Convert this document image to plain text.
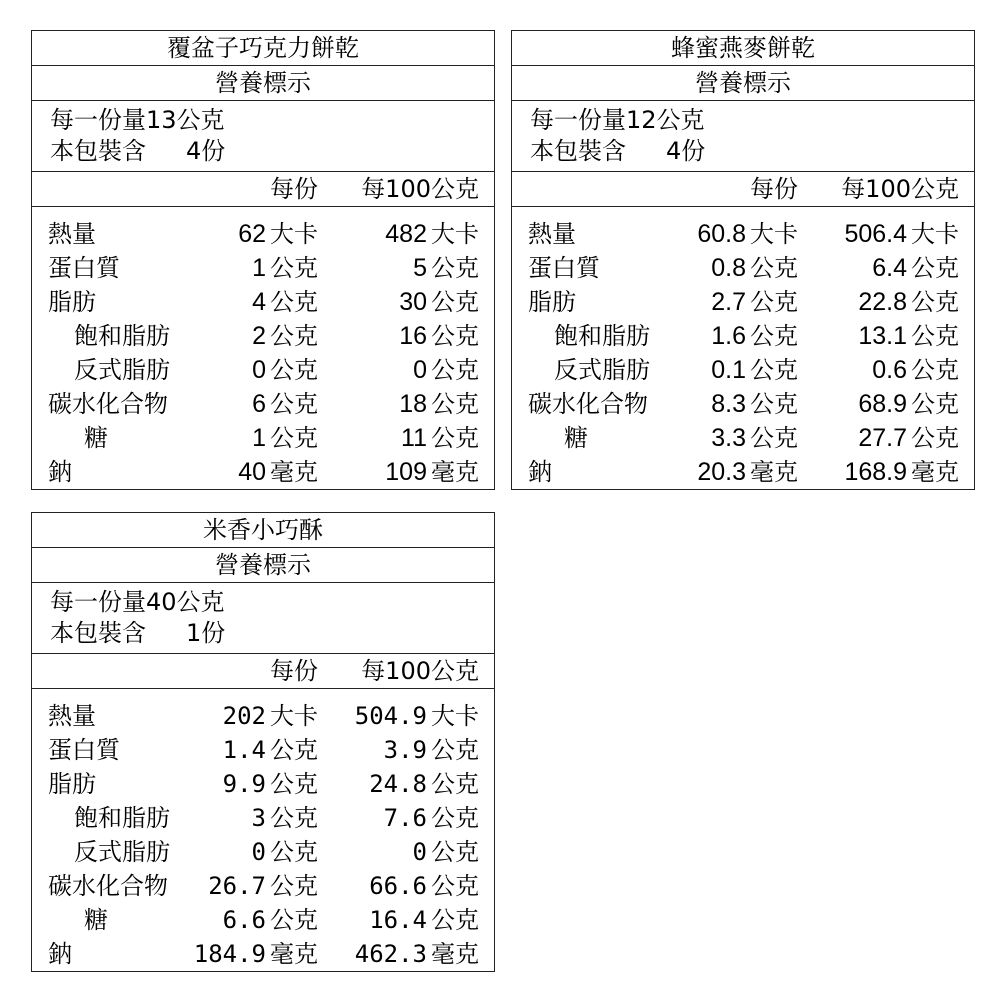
覆盆子巧克力餅乾
營養標示
每一份量13公克
本包裝含 4份
每份 每100公克
熱量	62 大卡	482 大卡
蛋白質	1 公克	5 公克
脂肪	4 公克	30 公克
飽和脂肪	2 公克	16 公克
反式脂肪	0 公克	0 公克
碳水化合物	6 公克	18 公克
糖	1 公克	11 公克
鈉	40 毫克	109 毫克
蜂蜜燕麥餅乾
營養標示
每一份量12公克
本包裝含 4份
每份 每100公克
熱量	60.8 大卡 506.4 大卡
蛋白質	0.8 公克	6.4 公克
脂肪	2.7 公克 22.8 公克
飽和脂肪 1.6 公克 13.1 公克
反式脂肪 0.1 公克	0.6 公克
碳水化合物	8.3 公克 68.9 公克
糖	3.3 公克 27.7 公克
鈉	20.3 毫克 168.9 毫克
米香小巧酥
營養標示
每一份量40公克
本包裝含 1份
每份 每100公克
熱量	202 大卡 504.9 大卡
蛋白質	1.4 公克	3.9 公克
脂肪	9.9 公克 24.8 公克
飽和脂肪	3 公克	7.6 公克
反式脂肪	0 公克	0 公克
碳水化合物 26.7 公克 66.6 公克
糖	6.6 公克 16.4 公克
鈉	184.9 毫克 462.3 毫克
